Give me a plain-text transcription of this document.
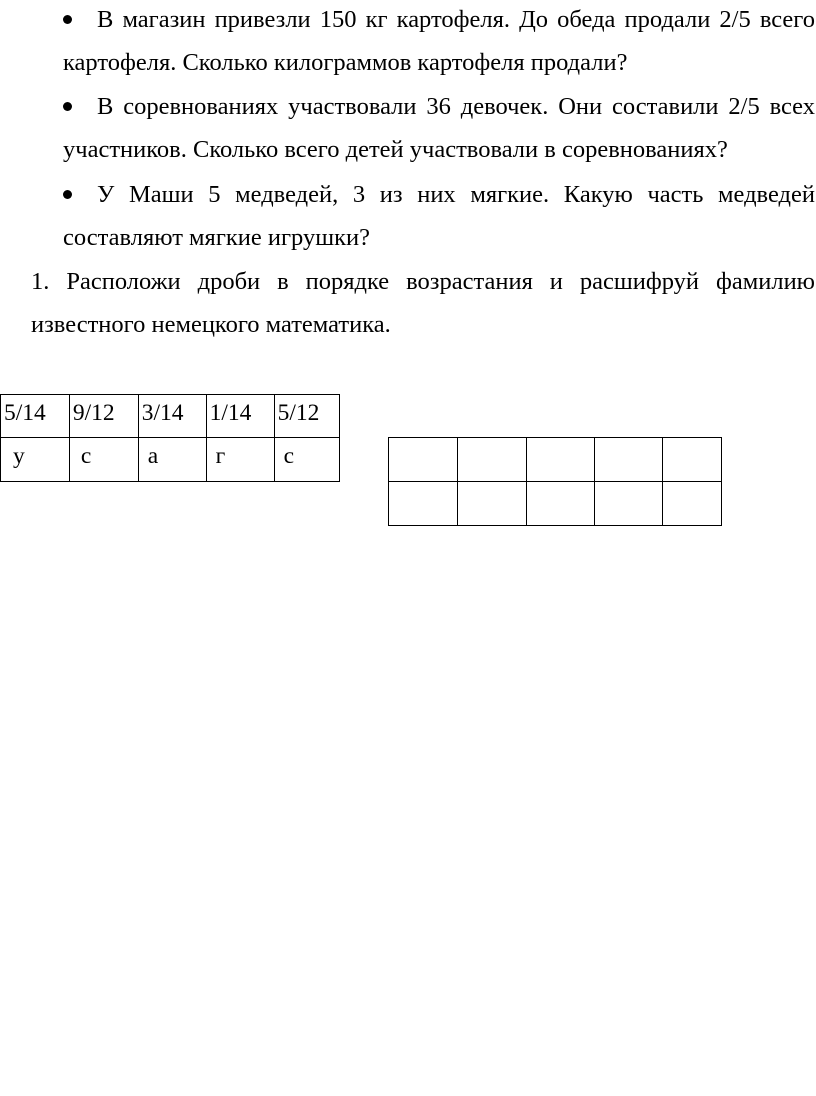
В магазин привезли 150 кг картофеля. До обеда продали 2/5 всего

картофеля. Сколько килограммов картофеля продали?

В соревнованиях участвовали 36 девочек. Они составили 2/5 всех

участников. Сколько всего детей участвовали в соревнованиях?

У Маши 5 медведей, 3 из них мягкие. Какую часть медведей

составляют мягкие игрушки?

1. Расположи дроби в порядке возрастания и расшифруй фамилию

известного немецкого математика.

5/14	9/12	3/14	1/14	5/12
у	с	а	г	с
